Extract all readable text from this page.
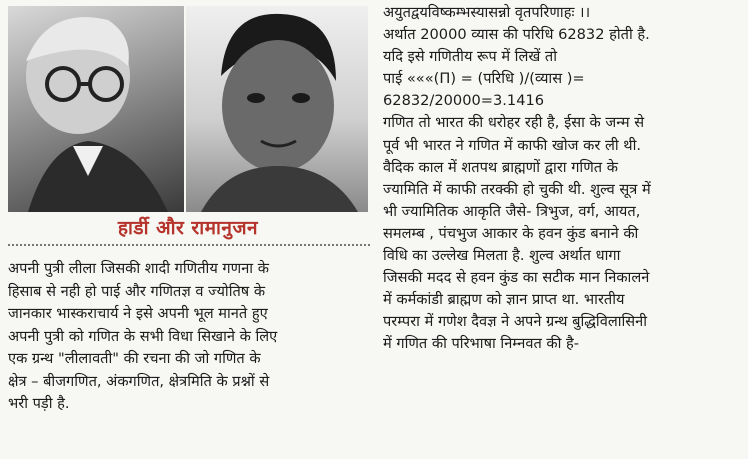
हार्डी और रामानुजन
अपनी पुत्री लीला जिसकी शादी गणितीय गणना के
हिसाब से नही हो पाई और गणितज्ञ व ज्योतिष के
जानकार भास्कराचार्य ने इसे अपनी भूल मानते हुए
अपनी पुत्री को गणित के सभी विधा सिखाने के लिए
एक ग्रन्थ "लीलावती" की रचना की जो गणित के
क्षेत्र – बीजगणित, अंकगणित, क्षेत्रमिति के प्रश्नों से
भरी पड़ी है.
अयुतद्वयविष्कम्भस्यासन्नो वृतपरिणाहः ।।
अर्थात 20000 व्यास की परिधि 62832 होती है.
यदि इसे गणितीय रूप में लिखें तो
पाई «««(Π) = (परिधि )/(व्यास )=
62832/20000=3.1416
गणित तो भारत की धरोहर रही है, ईसा के जन्म से
पूर्व भी भारत ने गणित में काफी खोज कर ली थी.
वैदिक काल में शतपथ ब्राह्मणों द्वारा गणित के
ज्यामिति में काफी तरक्की हो चुकी थी. शुल्व सूत्र में
भी ज्यामितिक आकृति जैसे- त्रिभुज, वर्ग, आयत,
समलम्ब , पंचभुज आकार के हवन कुंड बनाने की
विधि का उल्लेख मिलता है. शुल्व अर्थात धागा
जिसकी मदद से हवन कुंड का सटीक मान निकालने
में कर्मकांडी ब्राह्मण को ज्ञान प्राप्त था. भारतीय
परम्परा में गणेश दैवज्ञ ने अपने ग्रन्थ बुद्धिविलासिनी
में गणित की परिभाषा निम्नवत की है-
